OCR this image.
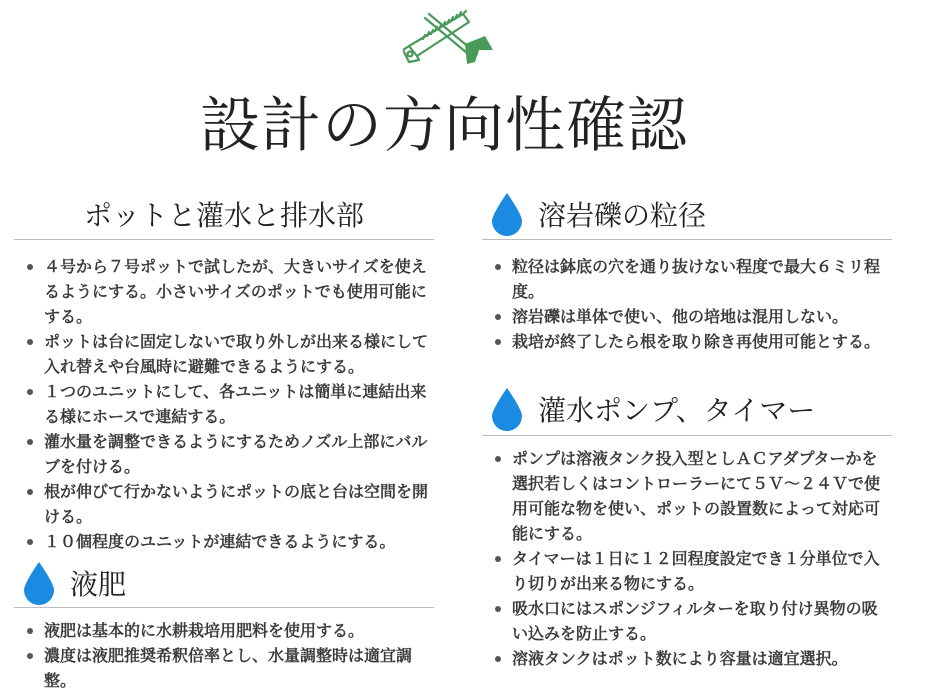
設計の方向性確認
ポットと灌水と排水部
４号から７号ポットで試したが、大きいサイズを使えるようにする。小さいサイズのポットでも使用可能にする。
ポットは台に固定しないで取り外しが出来る様にして入れ替えや台風時に避難できるようにする。
１つのユニットにして、各ユニットは簡単に連結出来る様にホースで連結する。
灌水量を調整できるようにするためノズル上部にバルブを付ける。
根が伸びて行かないようにポットの底と台は空間を開ける。
１０個程度のユニットが連結できるようにする。
液肥
液肥は基本的に水耕栽培用肥料を使用する。
濃度は液肥推奨希釈倍率とし、水量調整時は適宜調整。
溶岩礫の粒径
粒径は鉢底の穴を通り抜けない程度で最大６ミリ程度。
溶岩礫は単体で使い、他の培地は混用しない。
栽培が終了したら根を取り除き再使用可能とする。
灌水ポンプ、タイマー
ポンプは溶液タンク投入型としＡＣアダプターかを選択若しくはコントローラーにて５Ｖ～２４Ｖで使用可能な物を使い、ポットの設置数によって対応可能にする。
タイマーは１日に１２回程度設定でき１分単位で入り切りが出来る物にする。
吸水口にはスポンジフィルターを取り付け異物の吸い込みを防止する。
溶液タンクはポット数により容量は適宜選択。
